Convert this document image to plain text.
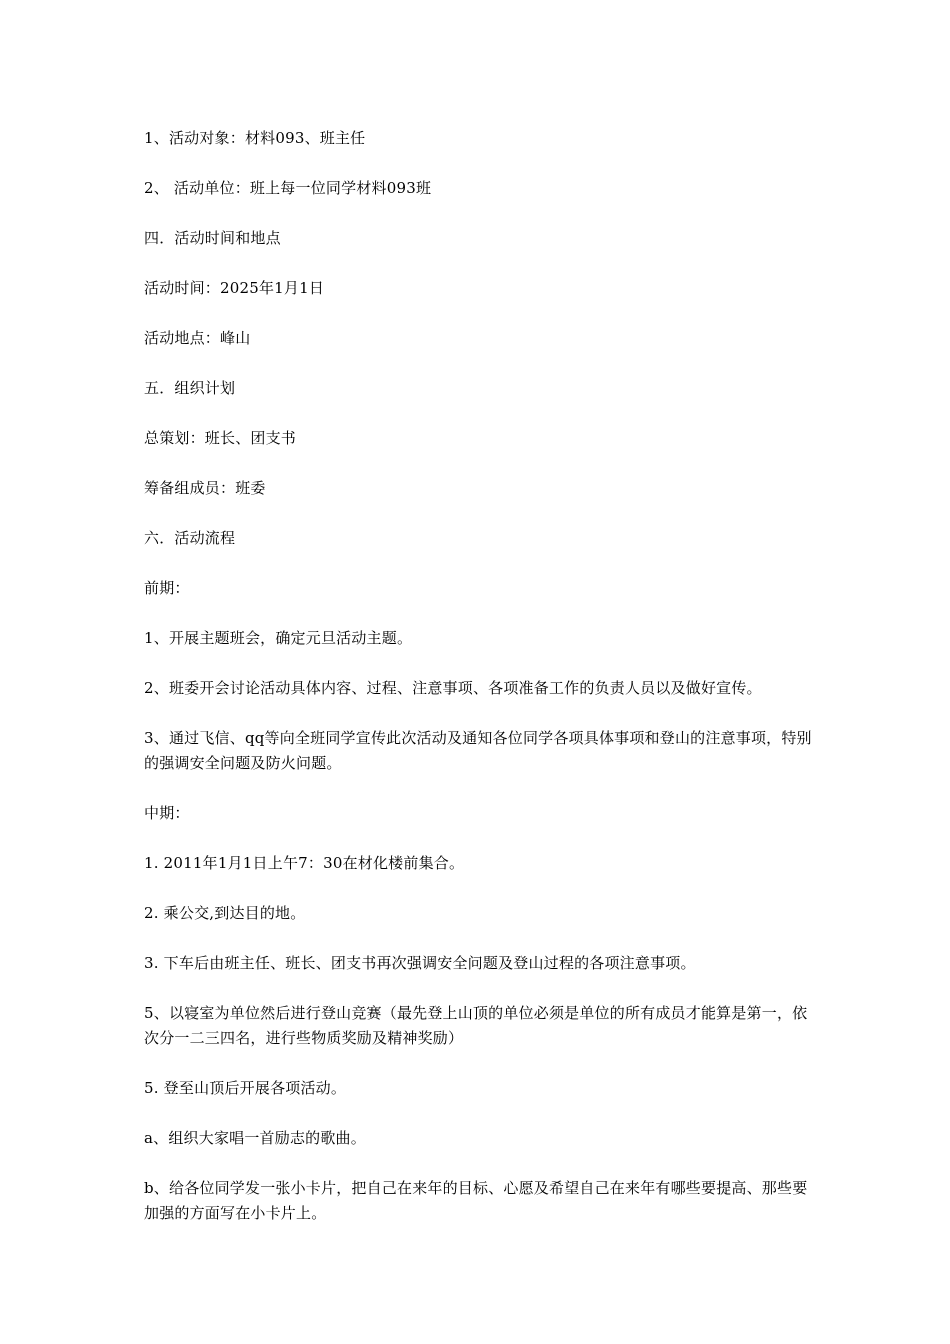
1、活动对象：材料093、班主任

2、 活动单位：班上每一位同学材料093班

四．活动时间和地点

活动时间：2025年1月1日

活动地点：峰山

五．组织计划

总策划：班长、团支书

筹备组成员：班委

六．活动流程

前期：

1、开展主题班会，确定元旦活动主题。

2、班委开会讨论活动具体内容、过程、注意事项、各项准备工作的负责人员以及做好宣传。

3、通过飞信、qq等向全班同学宣传此次活动及通知各位同学各项具体事项和登山的注意事项，特别的强调安全问题及防火问题。

中期：

1. 2011年1月1日上午7：30在材化楼前集合。

2. 乘公交,到达目的地。

3. 下车后由班主任、班长、团支书再次强调安全问题及登山过程的各项注意事项。

5、以寝室为单位然后进行登山竞赛（最先登上山顶的单位必须是单位的所有成员才能算是第一，依次分一二三四名，进行些物质奖励及精神奖励）

5. 登至山顶后开展各项活动。

a、组织大家唱一首励志的歌曲。

b、给各位同学发一张小卡片，把自己在来年的目标、心愿及希望自己在来年有哪些要提高、那些要加强的方面写在小卡片上。
